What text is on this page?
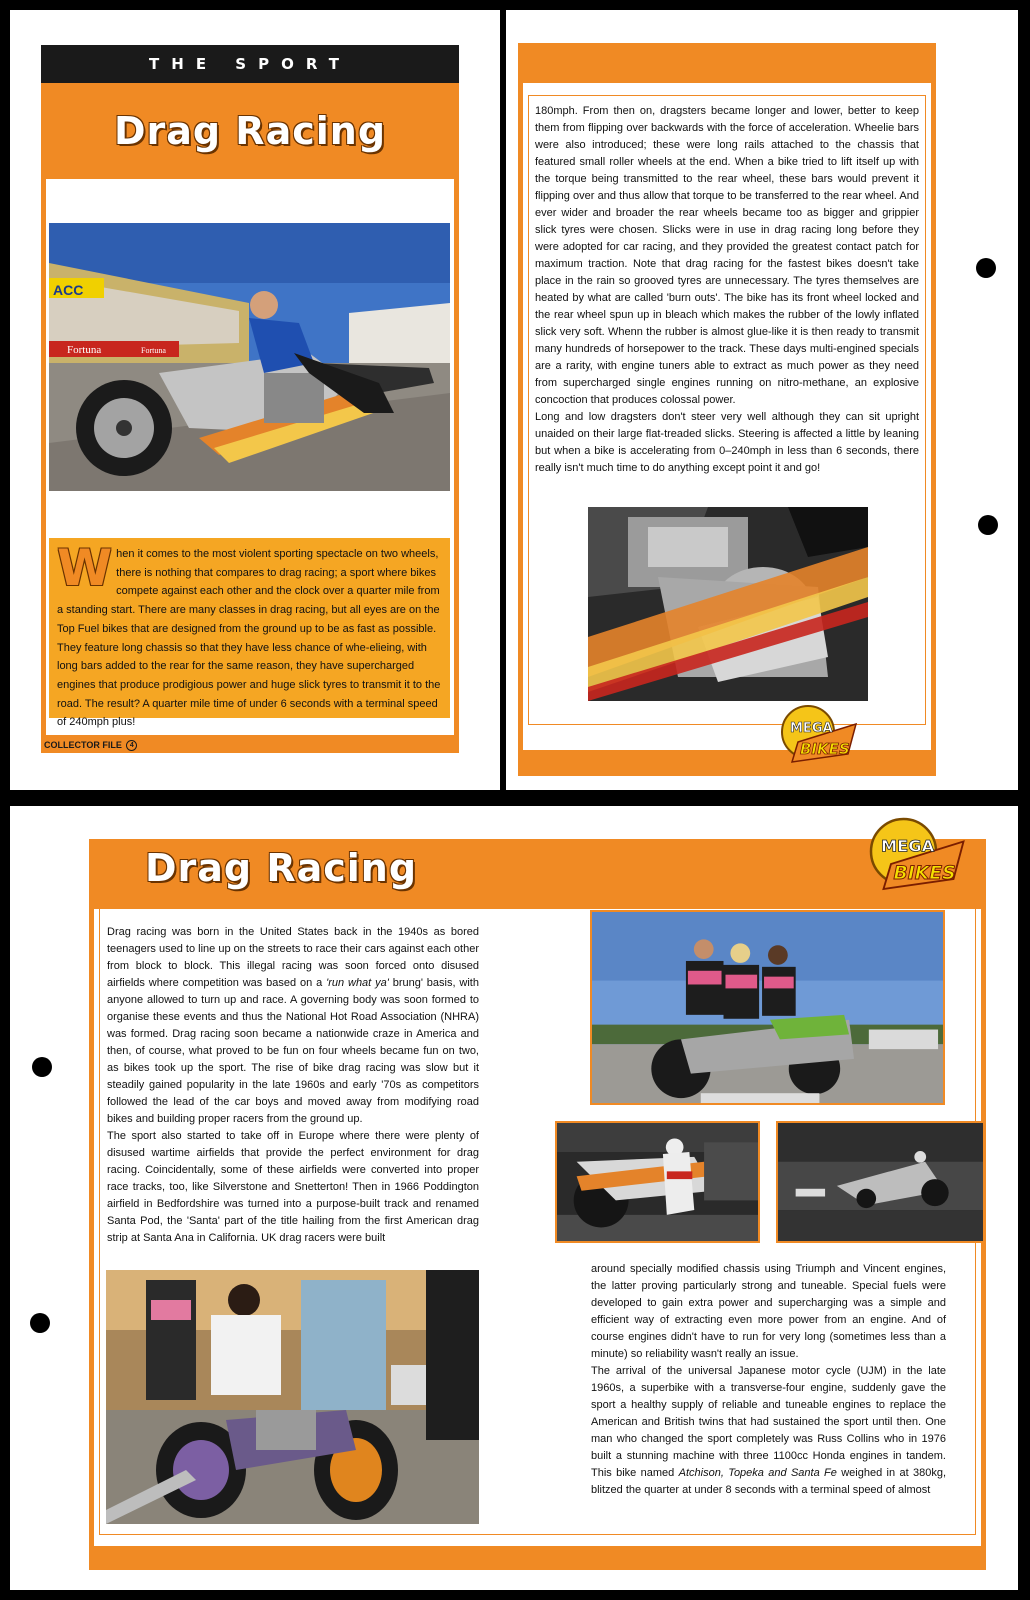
THE SPORT
Drag Racing
ACC
Fortuna	Fortuna
W hen it comes to the most violent sporting spectacle on two wheels, there is nothing that compares to drag racing; a sport where bikes compete against each other and the clock over a quarter mile from a standing start. There are many classes in drag racing, but all eyes are on the Top Fuel bikes that are designed from the ground up to be as fast as possible. They feature long chassis so that they have less chance of whe-elieing, with long bars added to the rear for the same reason, they have supercharged engines that produce prodigious power and huge slick tyres to transmit it to the road. The result? A quarter mile time of under 6 seconds with a terminal speed of 240mph plus!
COLLECTOR FILE 4

180mph. From then on, dragsters became longer and lower, better to keep them from flipping over backwards with the force of acceleration. Wheelie bars were also introduced; these were long rails attached to the chassis that featured small roller wheels at the end. When a bike tried to lift itself up with the torque being transmitted to the rear wheel, these bars would prevent it flipping over and thus allow that torque to be transferred to the rear wheel. And ever wider and broader the rear wheels became too as bigger and grippier slick tyres were chosen. Slicks were in use in drag racing long before they were adopted for car racing, and they provided the greatest contact patch for maximum traction. Note that drag racing for the fastest bikes doesn't take place in the rain so grooved tyres are unnecessary. The tyres themselves are heated by what are called 'burn outs'. The bike has its front wheel locked and the rear wheel spun up in bleach which makes the rubber of the lowly inflated slick very soft. Whenn the rubber is almost glue-like it is then ready to transmit many hundreds of horsepower to the track. These days multi-engined specials are a rarity, with engine tuners able to extract as much power as they need from supercharged single engines running on nitro-methane, an explosive concoction that produces colossal power.

Long and low dragsters don't steer very well although they can sit upright unaided on their large flat-treaded slicks. Steering is affected a little by leaning but when a bike is accelerating from 0–240mph in less than 6 seconds, there really isn't much time to do anything except point it and go!

MEGA
BIKES
Drag Racing	MEGA
BIKES

Drag racing was born in the United States back in the 1940s as bored teenagers used to line up on the streets to race their cars against each other from block to block. This illegal racing was soon forced onto disused airfields where competition was based on a 'run what ya' brung' basis, with anyone allowed to turn up and race. A governing body was soon formed to organise these events and thus the National Hot Road Association (NHRA) was formed. Drag racing soon became a nationwide craze in America and then, of course, what proved to be fun on four wheels became fun on two, as bikes took up the sport. The rise of bike drag racing was slow but it steadily gained popularity in the late 1960s and early '70s as competitors followed the lead of the car boys and moved away from modifying road bikes and building proper racers from the ground up.

The sport also started to take off in Europe where there were plenty of disused wartime airfields that provide the perfect environment for drag racing. Coincidentally, some of these airfields were converted into proper race tracks, too, like Silverstone and Snetterton! Then in 1966 Poddington airfield in Bedfordshire was turned into a purpose-built track and renamed Santa Pod, the 'Santa' part of the title hailing from the first American drag strip at Santa Ana in California. UK drag racers were built

around specially modified chassis using Triumph and Vincent engines, the latter proving particularly strong and tuneable. Special fuels were developed to gain extra power and supercharging was a simple and efficient way of extracting even more power from an engine. And of course engines didn't have to run for very long (sometimes less than a minute) so reliability wasn't really an issue.

The arrival of the universal Japanese motor cycle (UJM) in the late 1960s, a superbike with a transverse-four engine, suddenly gave the sport a healthy supply of reliable and tuneable engines to replace the American and British twins that had sustained the sport until then. One man who changed the sport completely was Russ Collins who in 1976 built a stunning machine with three 1100cc Honda engines in tandem. This bike named Atchison, Topeka and Santa Fe weighed in at 380kg, blitzed the quarter at under 8 seconds with a terminal speed of almost
